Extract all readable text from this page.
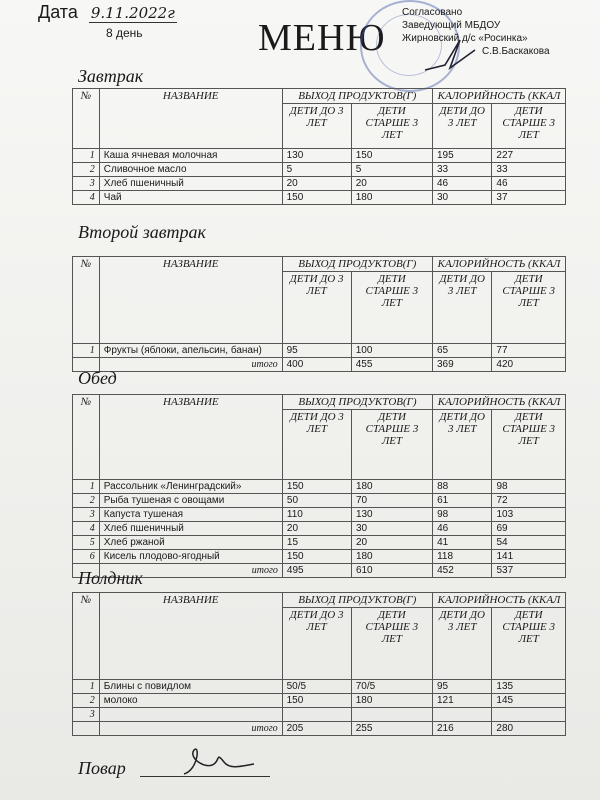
Дата 9.11.2022г
8 день	МЕНЮ
Согласовано
Заведующий МБДОУ
Жирновский д/с «Росинка»
С.В.Баскакова
Завтрак
№	НАЗВАНИЕ	ВЫХОД ПРОДУКТОВ(Г)		КАЛОРИЙНОСТЬ (ККАЛ	
		ДЕТИ ДО 3 ЛЕТ	ДЕТИ СТАРШЕ 3 ЛЕТ	ДЕТИ ДО 3 ЛЕТ	ДЕТИ СТАРШЕ 3 ЛЕТ
1	Каша ячневая молочная	130	150	195	227
2	Сливочное масло	5	5	33	33
3	Хлеб пшеничный	20	20	46	46
4	Чай	150	180	30	37
Второй завтрак
№	НАЗВАНИЕ	ВЫХОД ПРОДУКТОВ(Г)		КАЛОРИЙНОСТЬ (ККАЛ	
		ДЕТИ ДО 3 ЛЕТ	ДЕТИ СТАРШЕ 3 ЛЕТ	ДЕТИ ДО 3 ЛЕТ	ДЕТИ СТАРШЕ 3 ЛЕТ
1	Фрукты (яблоки, апельсин, банан)	95	100	65	77
	итого	400	455	369	420
Обед
№	НАЗВАНИЕ	ВЫХОД ПРОДУКТОВ(Г)		КАЛОРИЙНОСТЬ (ККАЛ	
		ДЕТИ ДО 3 ЛЕТ	ДЕТИ СТАРШЕ 3 ЛЕТ	ДЕТИ ДО 3 ЛЕТ	ДЕТИ СТАРШЕ 3 ЛЕТ
1	Рассольник «Ленинградский»	150	180	88	98
2	Рыба тушеная с овощами	50	70	61	72
3	Капуста тушеная	110	130	98	103
4	Хлеб пшеничный	20	30	46	69
5	Хлеб ржаной	15	20	41	54
6	Кисель плодово-ягодный	150	180	118	141
	итого	495	610	452	537
Полдник
№	НАЗВАНИЕ	ВЫХОД ПРОДУКТОВ(Г)		КАЛОРИЙНОСТЬ (ККАЛ	
		ДЕТИ ДО 3 ЛЕТ	ДЕТИ СТАРШЕ 3 ЛЕТ	ДЕТИ ДО 3 ЛЕТ	ДЕТИ СТАРШЕ 3 ЛЕТ
1	Блины с повидлом	50/5	70/5	95	135
2	молоко	150	180	121	145
3					
	итого	205	255	216	280
Повар
